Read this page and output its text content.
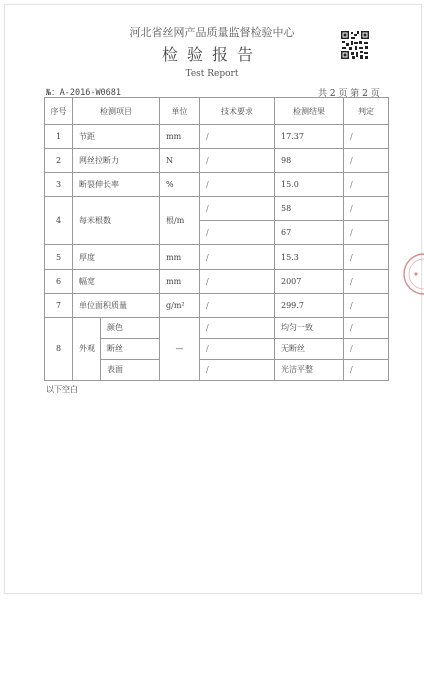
河北省丝网产品质量监督检验中心
检验报告
Test Report
№：A-2016-W0681	共 2 页 第 2 页
序号	检测项目		单位	技术要求	检测结果	判定
1	节距		mm	/	17.37	/
2	网丝拉断力		N	/	98	/
3	断裂伸长率		%	/	15.0	/
4	每米根数		根/m	/	58	/
				/	67	/
5	厚度		mm	/	15.3	/
6	幅宽		mm	/	2007	/
7	单位面积质量		g/m²	/	299.7	/
8	外观	颜色	—	/	均匀一致	/
		断丝		/	无断丝	/
		表面		/	光洁平整	/
以下空白
